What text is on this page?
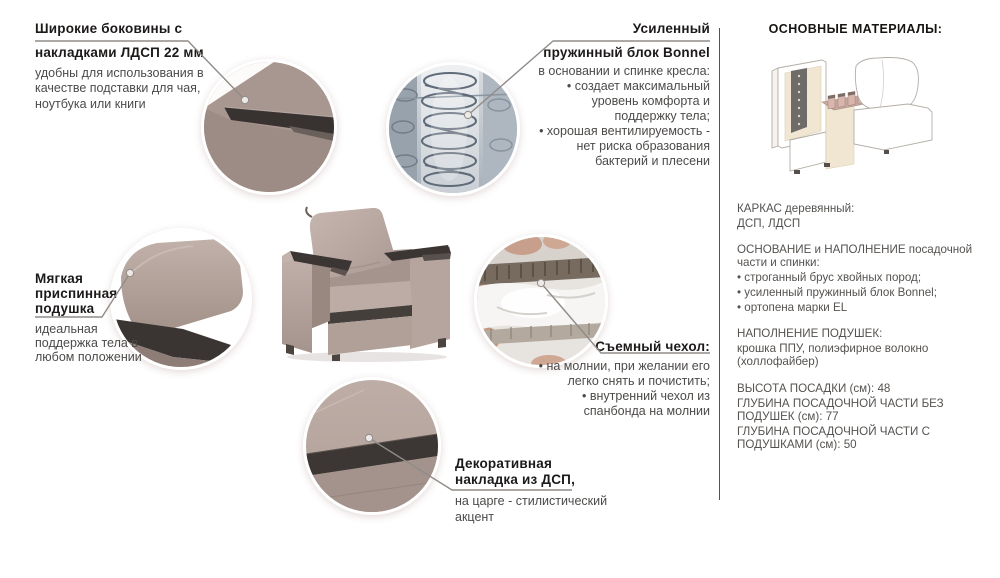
Широкие боковины с
накладками ЛДСП 22 мм
удобны для использования в качестве подставки для чая, ноутбука или книги
Усиленный
пружинный блок Bonnel
в основании и спинке кресла:
• создает максимальный уровень комфорта и поддержку тела;
• хорошая вентилируемость - нет риска образования бактерий и плесени
Мягкая приспинная подушка
идеальная поддержка тела в любом положении
Съемный чехол:
• на молнии, при желании его легко снять и почистить;
• внутренний чехол из спанбонда на молнии
Декоративная накладка из ДСП,
на царге - стилистический акцент
ОСНОВНЫЕ МАТЕРИАЛЫ:
КАРКАС деревянный:
ДСП, ЛДСП
ОСНОВАНИЕ и НАПОЛНЕНИЕ посадочной части и спинки:
• строганный брус хвойных пород;
• усиленный пружинный блок Bonnel;
• ортопена марки EL
НАПОЛНЕНИЕ ПОДУШЕК:
крошка ППУ, полиэфирное волокно (холлофайбер)
ВЫСОТА ПОСАДКИ (см): 48
ГЛУБИНА ПОСАДОЧНОЙ ЧАСТИ БЕЗ ПОДУШЕК (см): 77
ГЛУБИНА ПОСАДОЧНОЙ ЧАСТИ С ПОДУШКАМИ (см): 50
